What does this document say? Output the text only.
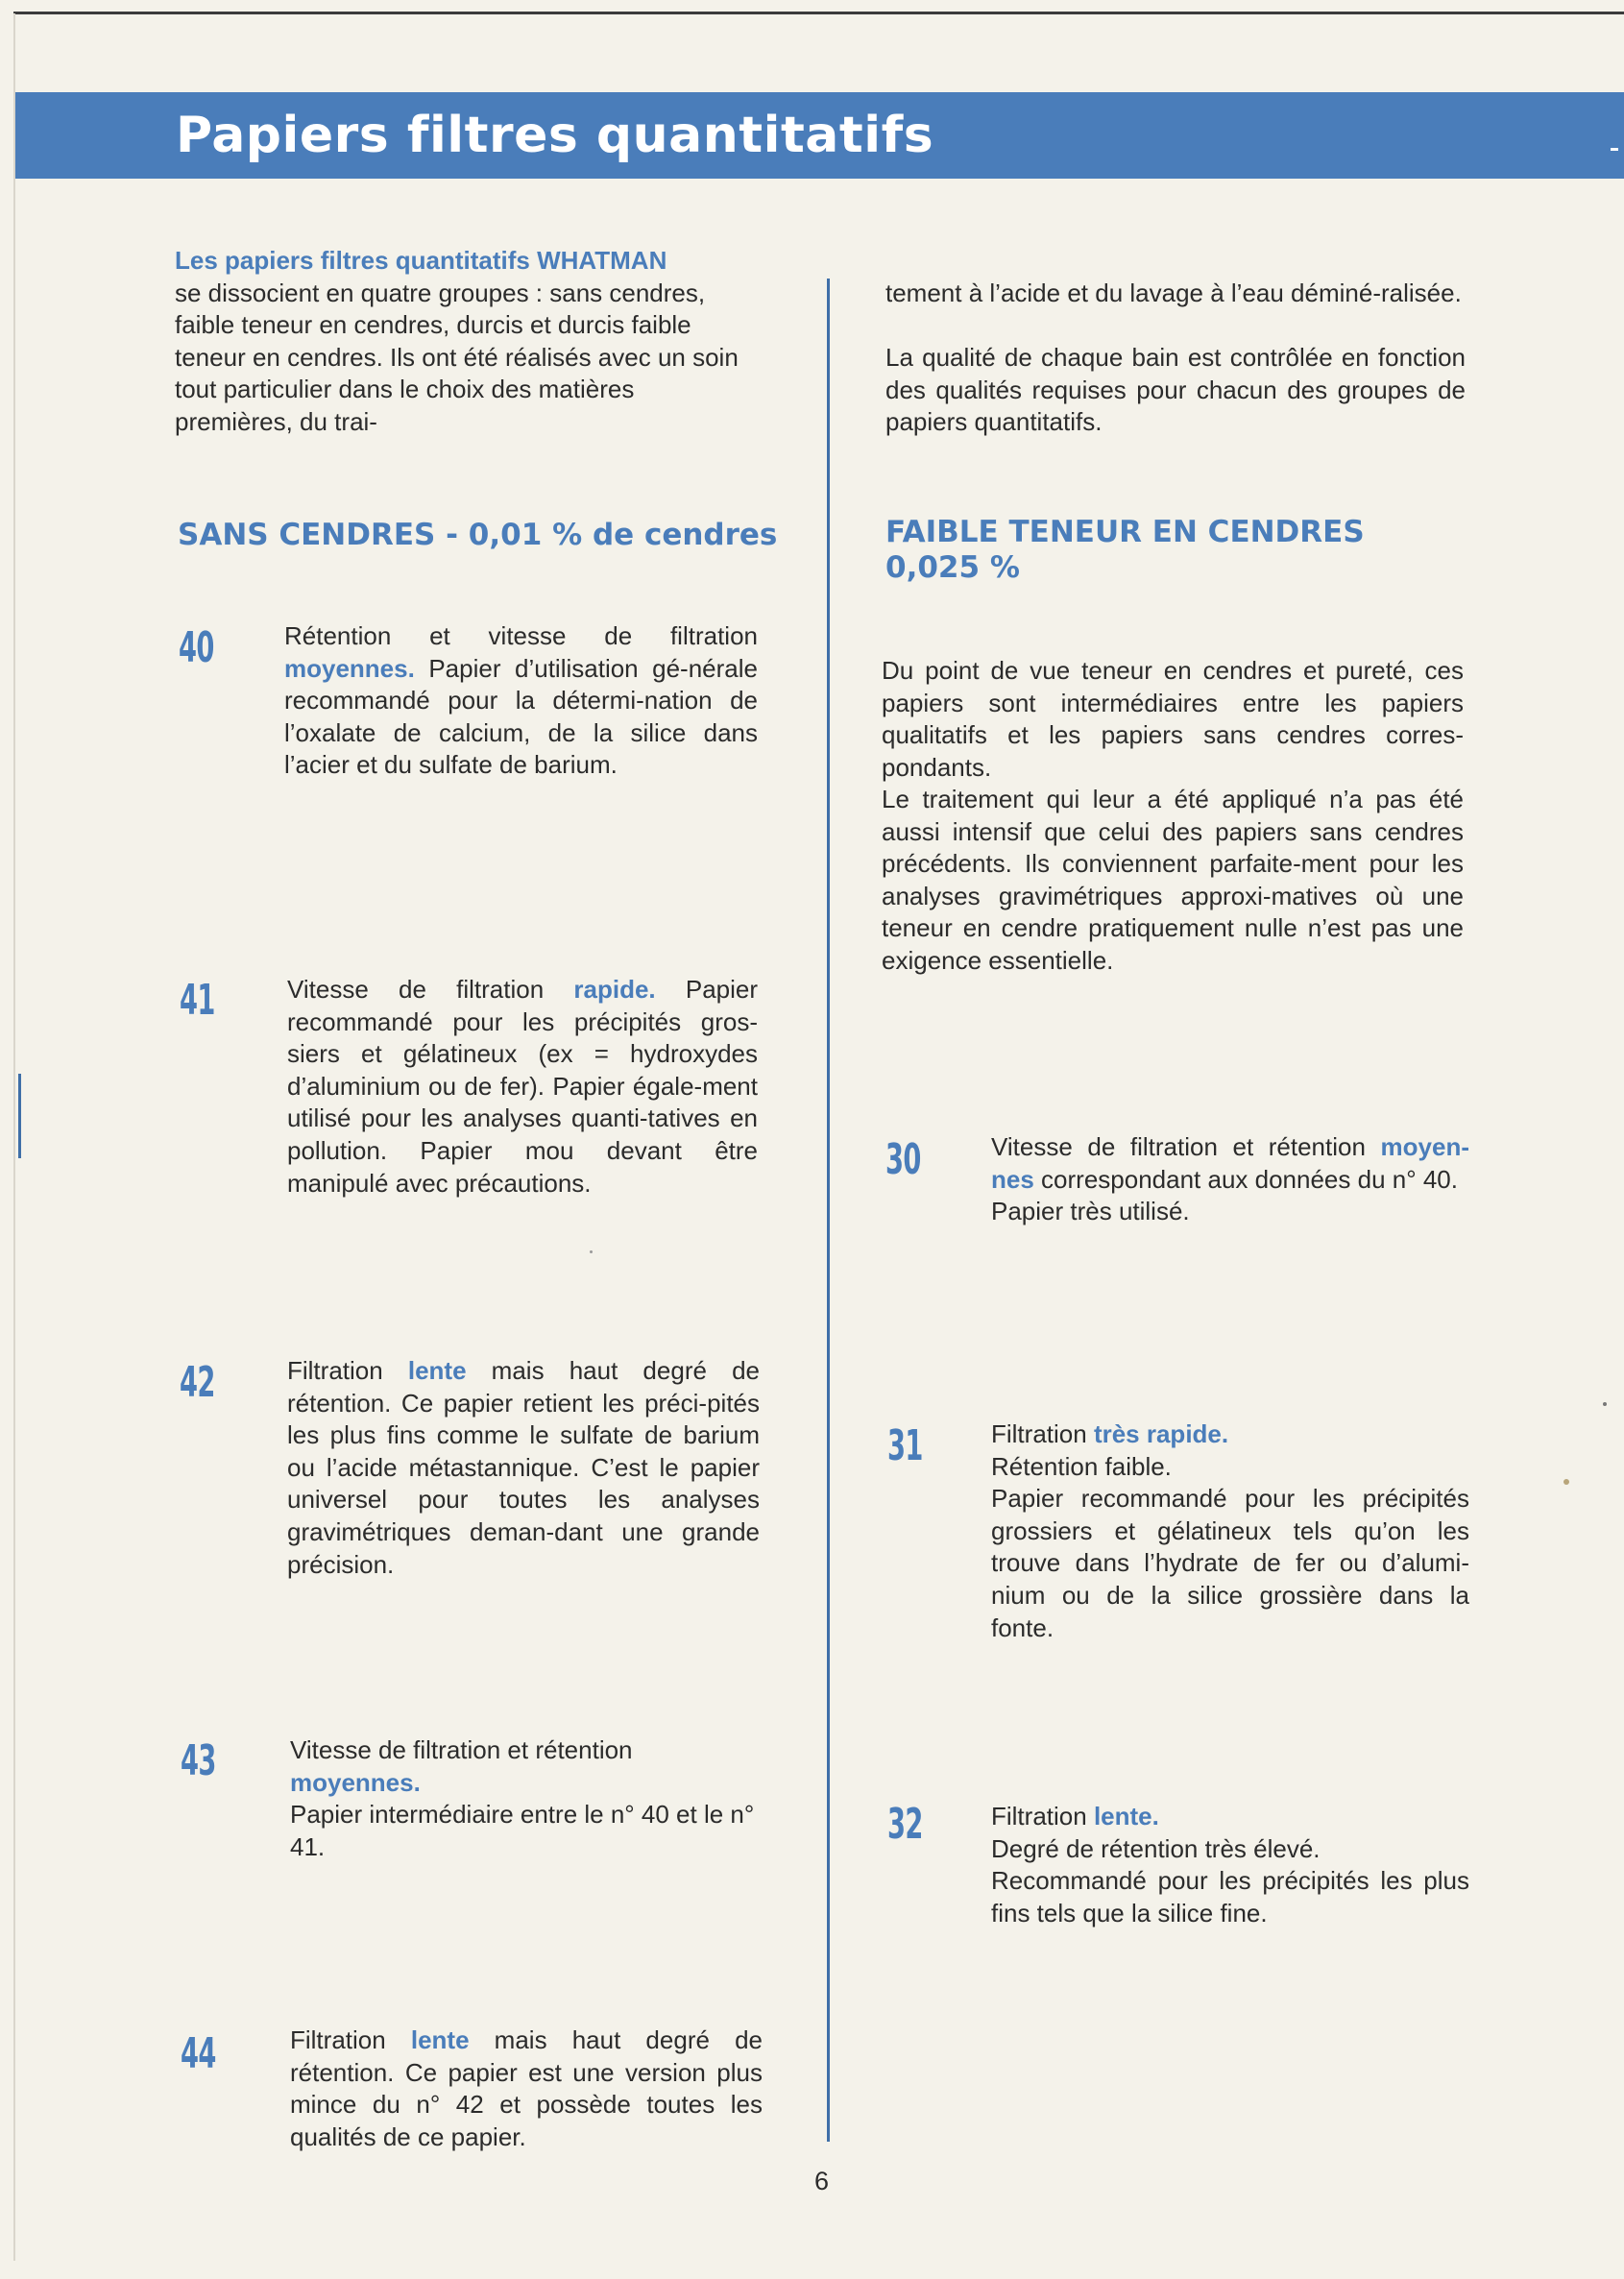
Papiers filtres quantitatifs

Les papiers filtres quantitatifs WHATMAN
se dissocient en quatre groupes : sans cendres, faible teneur en cendres, durcis et durcis faible teneur en cendres. Ils ont été réalisés avec un soin tout particulier dans le choix des matières premières, du trai-

tement à l’acide et du lavage à l’eau déminé-ralisée.

La qualité de chaque bain est contrôlée en fonction des qualités requises pour chacun des groupes de papiers quantitatifs.

SANS CENDRES - 0,01 % de cendres	FAIBLE TENEUR EN CENDRES
0,025 %
40	Rétention et vitesse de filtration moyennes. Papier d’utilisation gé-nérale recommandé pour la détermi-nation de l’oxalate de calcium, de la silice dans l’acier et du sulfate de barium.

41	Vitesse de filtration rapide. Papier recommandé pour les précipités gros-siers et gélatineux (ex = hydroxydes d’aluminium ou de fer). Papier égale-ment utilisé pour les analyses quanti-tatives en pollution. Papier mou devant être manipulé avec précautions.

42	Filtration lente mais haut degré de rétention. Ce papier retient les préci-pités les plus fins comme le sulfate de barium ou l’acide métastannique. C’est le papier universel pour toutes les analyses gravimétriques deman-dant une grande précision.

43	Vitesse de filtration et rétention moyennes.
Papier intermédiaire entre le n° 40 et le n° 41.

44	Filtration lente mais haut degré de rétention. Ce papier est une version plus mince du n° 42 et possède toutes les qualités de ce papier.

Du point de vue teneur en cendres et pureté, ces papiers sont intermédiaires entre les papiers qualitatifs et les papiers sans cendres corres-pondants.

Le traitement qui leur a été appliqué n’a pas été aussi intensif que celui des papiers sans cendres précédents. Ils conviennent parfaite-ment pour les analyses gravimétriques approxi-matives où une teneur en cendre pratiquement nulle n’est pas une exigence essentielle.

30	Vitesse de filtration et rétention moyen-nes correspondant aux données du n° 40.
Papier très utilisé.

31	Filtration très rapide.
Rétention faible.
Papier recommandé pour les précipités grossiers et gélatineux tels qu’on les trouve dans l’hydrate de fer ou d’alumi-nium ou de la silice grossière dans la fonte.

32	Filtration lente.
Degré de rétention très élevé.
Recommandé pour les précipités les plus fins tels que la silice fine.

6
